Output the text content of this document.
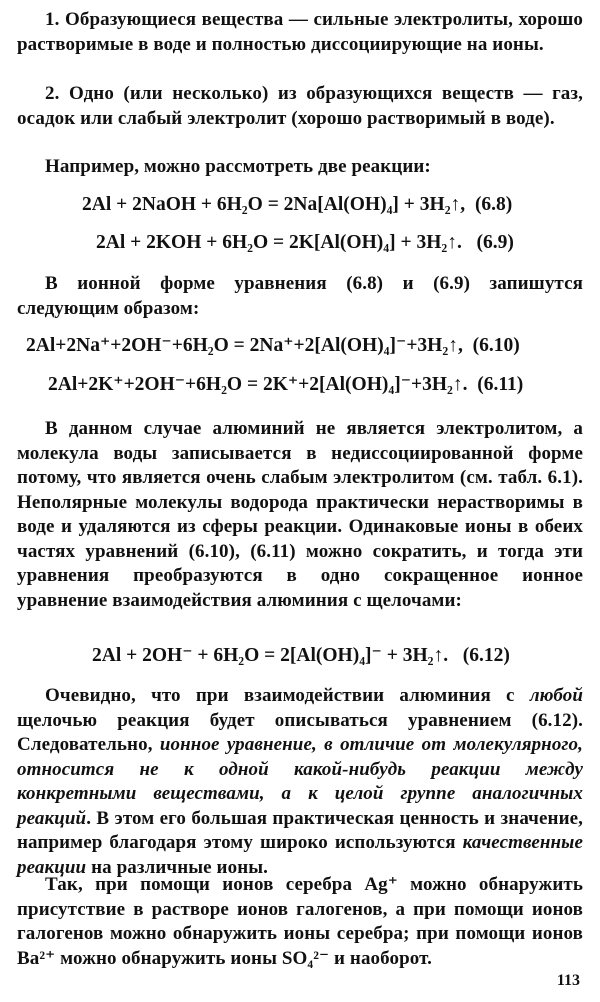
1. Образующиеся вещества — сильные электролиты, хорошо растворимые в воде и полностью диссоциирующие на ионы.
2. Одно (или несколько) из образующихся веществ — газ, осадок или слабый электролит (хорошо растворимый в воде).
Например, можно рассмотреть две реакции:
2Al + 2NaOH + 6H₂O = 2Na[Al(OH)₄] + 3H₂↑, (6.8)
2Al + 2KOH + 6H₂O = 2K[Al(OH)₄] + 3H₂↑. (6.9)
В ионной форме уравнения (6.8) и (6.9) запишутся следующим образом:
2Al+2Na⁺+2OH⁻+6H₂O = 2Na⁺+2[Al(OH)₄]⁻+3H₂↑, (6.10)
2Al+2K⁺+2OH⁻+6H₂O = 2K⁺+2[Al(OH)₄]⁻+3H₂↑. (6.11)
В данном случае алюминий не является электролитом, а молекула воды записывается в недиссоциированной форме потому, что является очень слабым электролитом (см. табл. 6.1). Неполярные молекулы водорода практически нерастворимы в воде и удаляются из сферы реакции. Одинаковые ионы в обеих частях уравнений (6.10), (6.11) можно сократить, и тогда эти уравнения преобразуются в одно сокращенное ионное уравнение взаимодействия алюминия с щелочами:
2Al + 2OH⁻ + 6H₂O = 2[Al(OH)₄]⁻ + 3H₂↑. (6.12)
Очевидно, что при взаимодействии алюминия с любой щелочью реакция будет описываться уравнением (6.12). Следовательно, ионное уравнение, в отличие от молекулярного, относится не к одной какой-нибудь реакции между конкретными веществами, а к целой группе аналогичных реакций. В этом его большая практическая ценность и значение, например благодаря этому широко используются качественные реакции на различные ионы.
Так, при помощи ионов серебра Ag⁺ можно обнаружить присутствие в растворе ионов галогенов, а при помощи ионов галогенов можно обнаружить ионы серебра; при помощи ионов Ba²⁺ можно обнаружить ионы SO₄²⁻ и наоборот.
113
